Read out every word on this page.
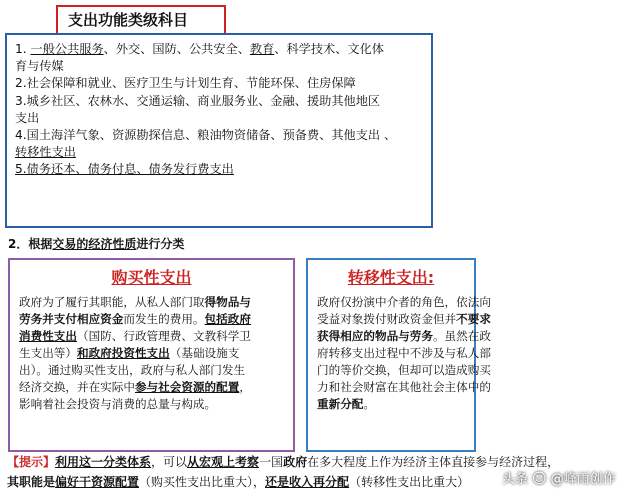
支出功能类级科目
1. 一般公共服务、外交、国防、公共安全、教育、科学技术、文化体
育与传媒
2.社会保障和就业、医疗卫生与计划生育、节能环保、住房保障
3.城乡社区、农林水、交通运输、商业服务业、金融、援助其他地区
支出
4.国土海洋气象、资源勘探信息、粮油物资储备、预备费、其他支出 、
转移性支出
5.债务还本、债务付息、债务发行费支出
2．根据交易的经济性质进行分类
购买性支出
政府为了履行其职能，从私人部门取得物品与
劳务并支付相应资金而发生的费用。包括政府
消费性支出（国防、行政管理费、文教科学卫
生支出等）和政府投资性支出（基础设施支
出）。通过购买性支出，政府与私人部门发生
经济交换，并在实际中参与社会资源的配置，
影响着社会投资与消费的总量与构成。
转移性支出:
政府仅扮演中介者的角色，依法向
受益对象拨付财政资金但并不要求
获得相应的物品与劳务。虽然在政
府转移支出过程中不涉及与私人部
门的等价交换，但却可以造成购买
力和社会财富在其他社会主体中的
重新分配。
【提示】利用这一分类体系，可以从宏观上考察一国政府在多大程度上作为经济主体直接参与经济过程，
其职能是偏好干资源配置（购买性支出比重大），还是收入再分配（转移性支出比重大）	头条 ☺ @峰雨创作
